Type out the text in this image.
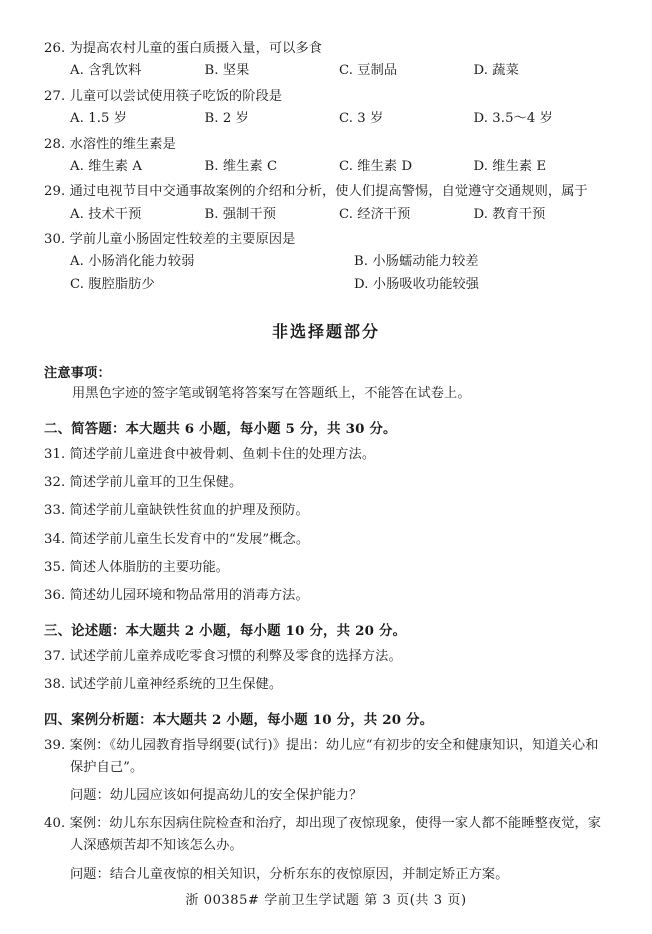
26. 为提高农村儿童的蛋白质摄入量，可以多食
A. 含乳饮料	B. 坚果	C. 豆制品	D. 蔬菜
27. 儿童可以尝试使用筷子吃饭的阶段是
A. 1.5 岁	B. 2 岁	C. 3 岁	D. 3.5～4 岁
28. 水溶性的维生素是
A. 维生素 A	B. 维生素 C	C. 维生素 D	D. 维生素 E
29. 通过电视节目中交通事故案例的介绍和分析，使人们提高警惕，自觉遵守交通规则，属于
A. 技术干预	B. 强制干预	C. 经济干预	D. 教育干预
30. 学前儿童小肠固定性较差的主要原因是
A. 小肠消化能力较弱	B. 小肠蠕动能力较差
C. 腹腔脂肪少	D. 小肠吸收功能较强
非选择题部分
注意事项：
用黑色字迹的签字笔或钢笔将答案写在答题纸上，不能答在试卷上。
二、简答题：本大题共 6 小题，每小题 5 分，共 30 分。
31. 简述学前儿童进食中被骨刺、鱼刺卡住的处理方法。
32. 简述学前儿童耳的卫生保健。
33. 简述学前儿童缺铁性贫血的护理及预防。
34. 简述学前儿童生长发育中的“发展”概念。
35. 简述人体脂肪的主要功能。
36. 简述幼儿园环境和物品常用的消毒方法。
三、论述题：本大题共 2 小题，每小题 10 分，共 20 分。
37. 试述学前儿童养成吃零食习惯的利弊及零食的选择方法。
38. 试述学前儿童神经系统的卫生保健。
四、案例分析题：本大题共 2 小题，每小题 10 分，共 20 分。
39. 案例：《幼儿园教育指导纲要(试行)》提出：幼儿应“有初步的安全和健康知识，知道关心和保护自己”。
问题：幼儿园应该如何提高幼儿的安全保护能力？
40. 案例：幼儿东东因病住院检查和治疗，却出现了夜惊现象，使得一家人都不能睡整夜觉，家人深感烦苦却不知该怎么办。
问题：结合儿童夜惊的相关知识，分析东东的夜惊原因，并制定矫正方案。
浙 00385# 学前卫生学试题 第 3 页(共 3 页)
